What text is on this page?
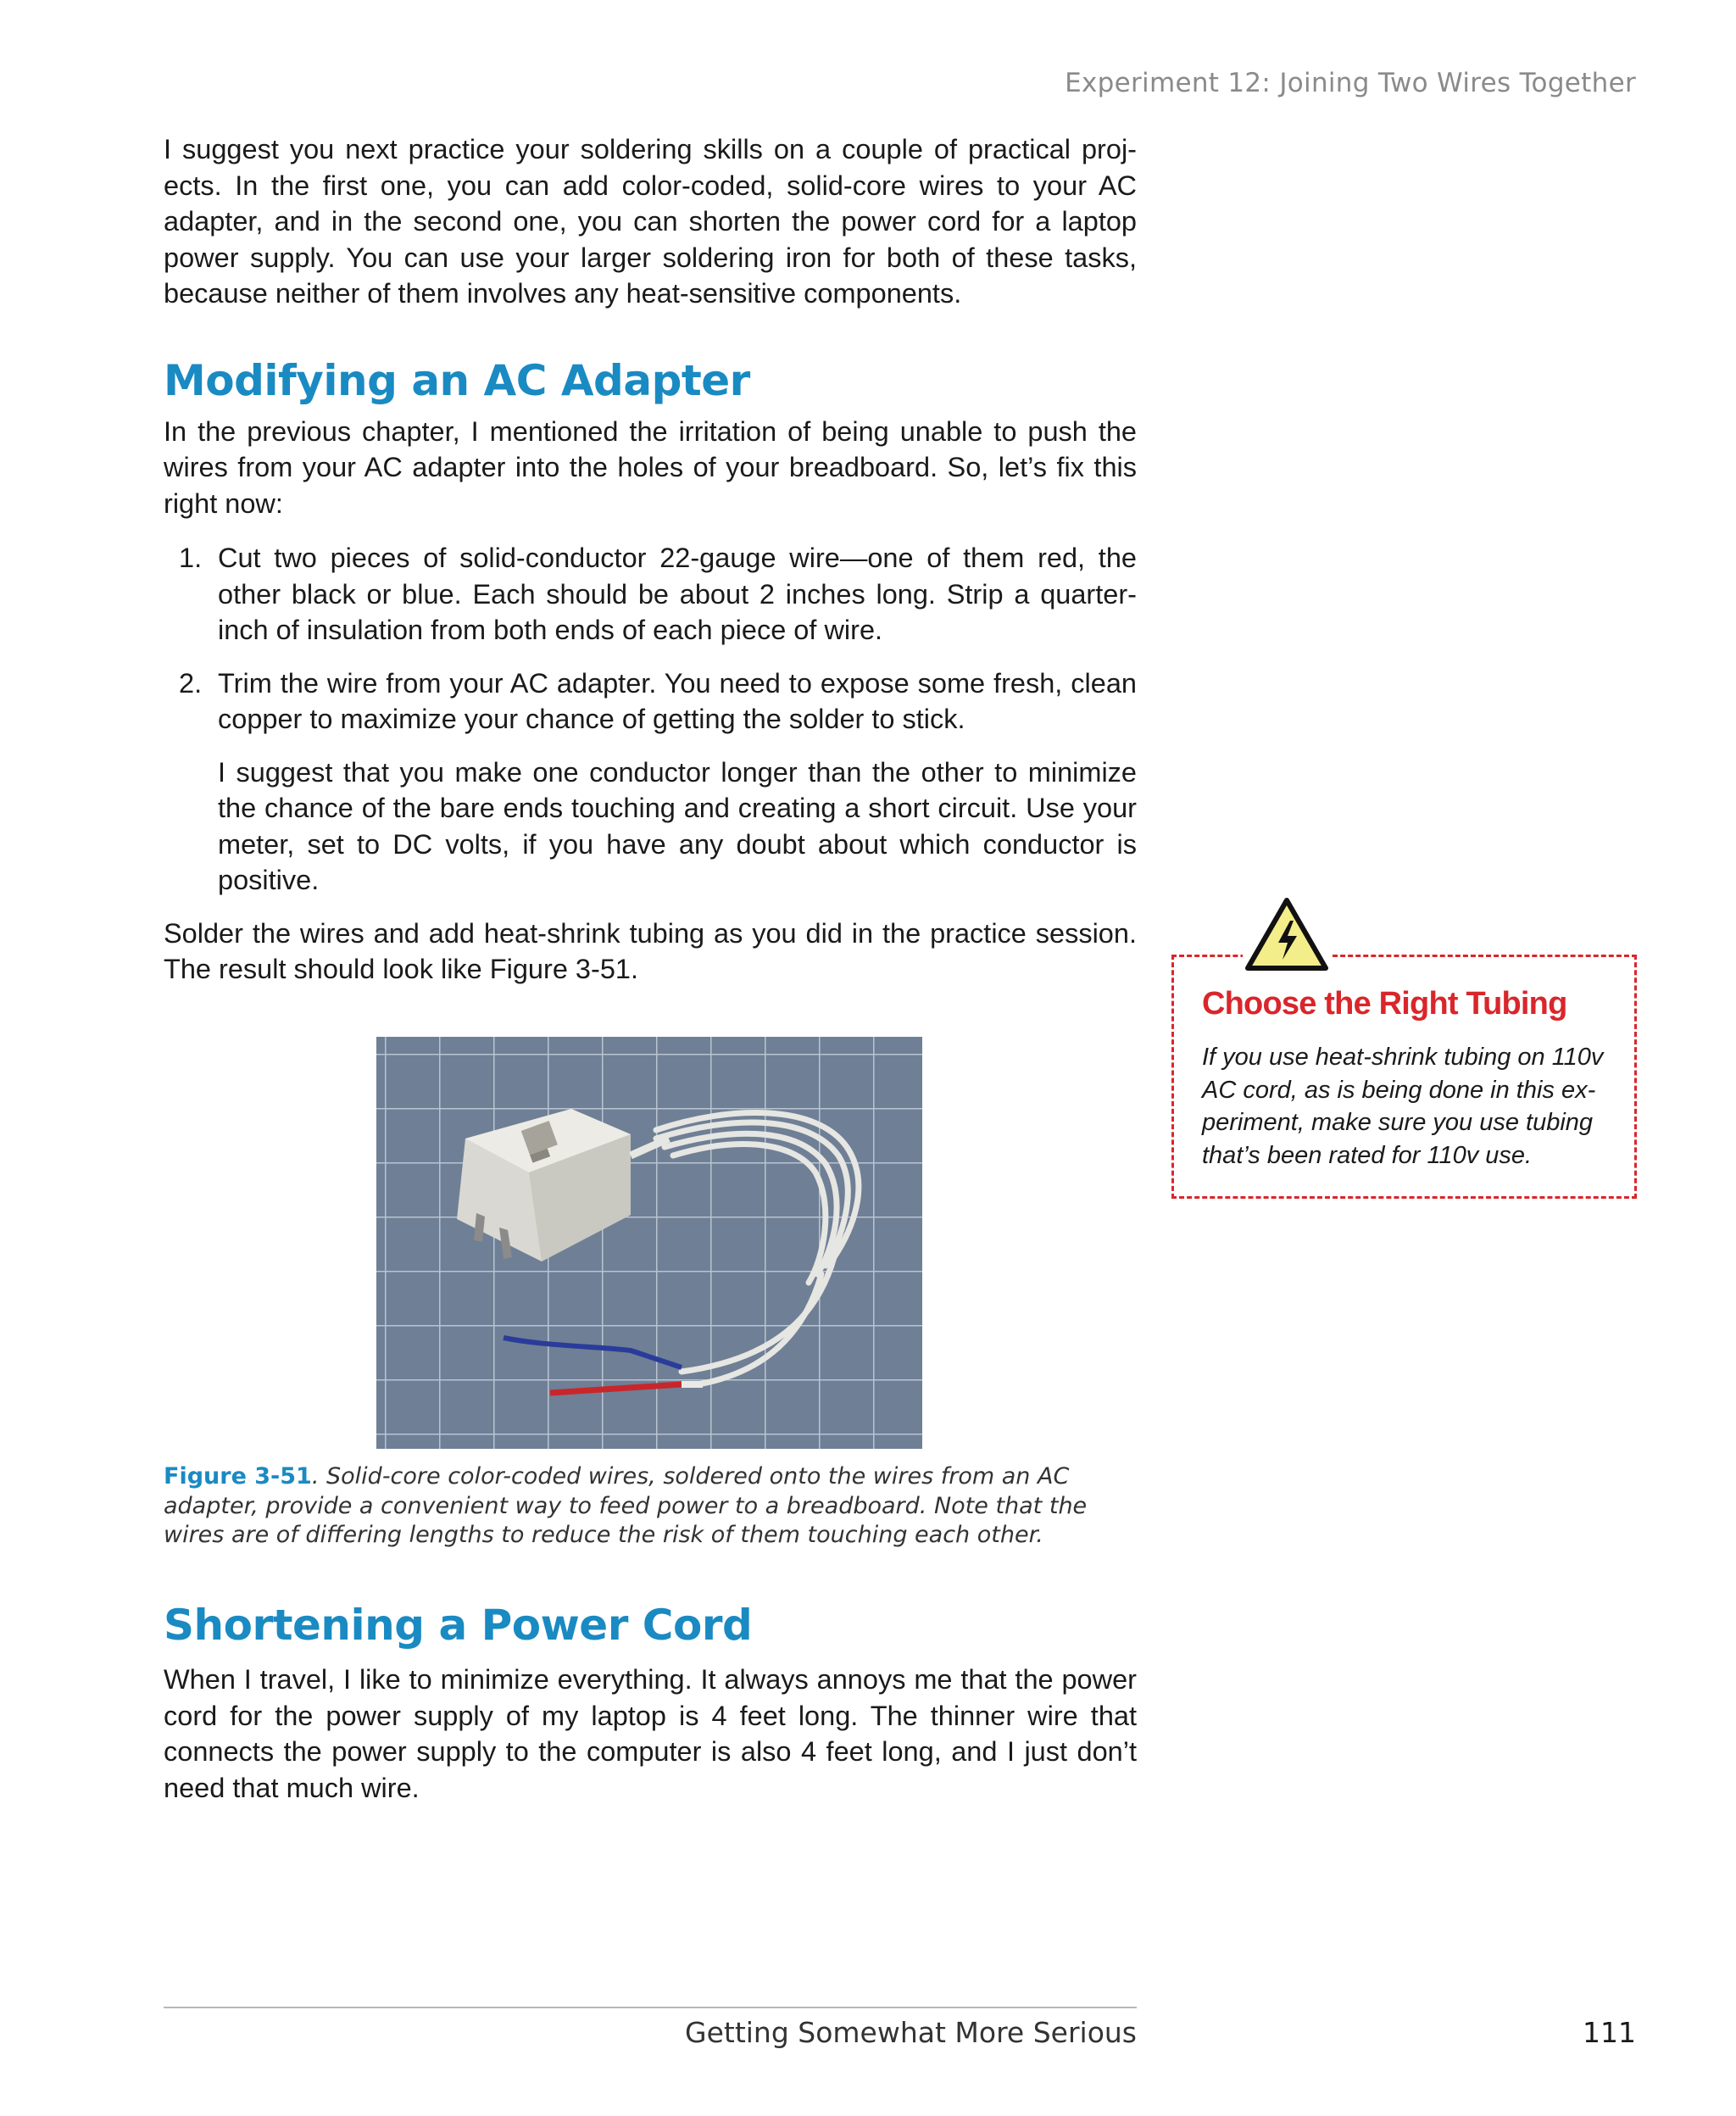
Experiment 12: Joining Two Wires Together

I suggest you next practice your soldering skills on a couple of practical projects. In the first one, you can add color-coded, solid-core wires to your AC adapter, and in the second one, you can shorten the power cord for a laptop power supply. You can use your larger soldering iron for both of these tasks, because neither of them involves any heat-sensitive components.

Modifying an AC Adapter

In the previous chapter, I mentioned the irritation of being unable to push the wires from your AC adapter into the holes of your breadboard. So, let’s fix this right now:

1. Cut two pieces of solid-conductor 22-gauge wire—one of them red, the other black or blue. Each should be about 2 inches long. Strip a quarter-inch of insulation from both ends of each piece of wire.

2. Trim the wire from your AC adapter. You need to expose some fresh, clean copper to maximize your chance of getting the solder to stick.

I suggest that you make one conductor longer than the other to minimize the chance of the bare ends touching and creating a short circuit. Use your meter, set to DC volts, if you have any doubt about which conductor is positive.

Solder the wires and add heat-shrink tubing as you did in the practice session. The result should look like Figure 3-51.

Figure 3-51. Solid-core color-coded wires, soldered onto the wires from an AC adapter, provide a convenient way to feed power to a breadboard. Note that the wires are of differing lengths to reduce the risk of them touching each other.
Shortening a Power Cord

When I travel, I like to minimize everything. It always annoys me that the power cord for the power supply of my laptop is 4 feet long. The thinner wire that connects the power supply to the computer is also 4 feet long, and I just don’t need that much wire.

Choose the Right Tubing
If you use heat-shrink tubing on 110v AC cord, as is being done in this experiment, make sure you use tubing that’s been rated for 110v use.
Getting Somewhat More Serious	111
